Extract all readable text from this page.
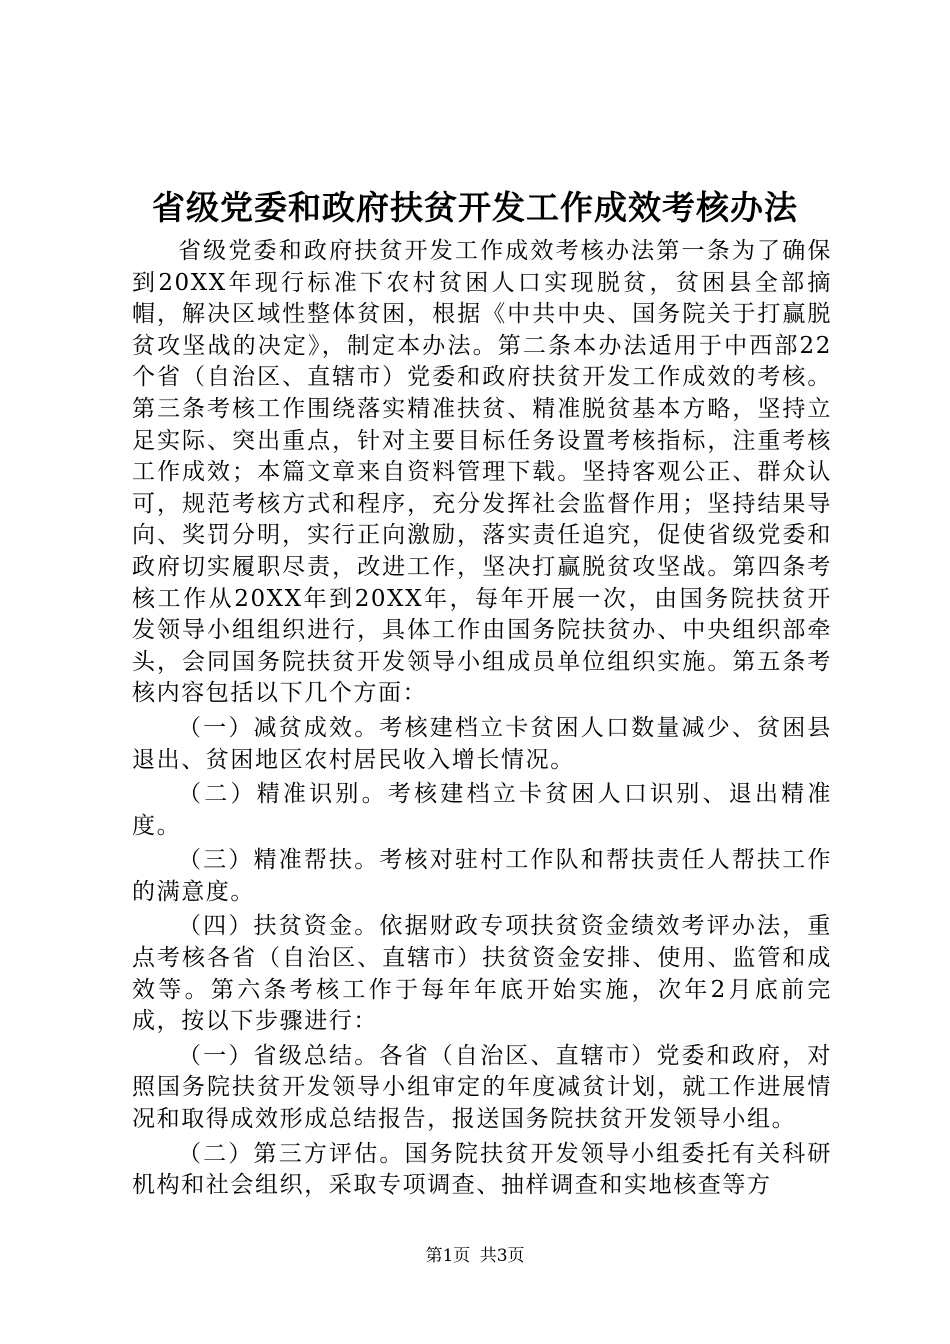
省级党委和政府扶贫开发工作成效考核办法

省级党委和政府扶贫开发工作成效考核办法第一条为了确保到20XX年现行标准下农村贫困人口实现脱贫，贫困县全部摘帽，解决区域性整体贫困，根据《中共中央、国务院关于打赢脱贫攻坚战的决定》，制定本办法。第二条本办法适用于中西部22个省（自治区、直辖市）党委和政府扶贫开发工作成效的考核。第三条考核工作围绕落实精准扶贫、精准脱贫基本方略，坚持立足实际、突出重点，针对主要目标任务设置考核指标，注重考核工作成效；本篇文章来自资料管理下载。坚持客观公正、群众认可，规范考核方式和程序，充分发挥社会监督作用；坚持结果导向、奖罚分明，实行正向激励，落实责任追究，促使省级党委和政府切实履职尽责，改进工作，坚决打赢脱贫攻坚战。第四条考核工作从20XX年到20XX年，每年开展一次，由国务院扶贫开发领导小组组织进行，具体工作由国务院扶贫办、中央组织部牵头，会同国务院扶贫开发领导小组成员单位组织实施。第五条考核内容包括以下几个方面：

（一）减贫成效。考核建档立卡贫困人口数量减少、贫困县退出、贫困地区农村居民收入增长情况。

（二）精准识别。考核建档立卡贫困人口识别、退出精准度。

（三）精准帮扶。考核对驻村工作队和帮扶责任人帮扶工作的满意度。

（四）扶贫资金。依据财政专项扶贫资金绩效考评办法，重点考核各省（自治区、直辖市）扶贫资金安排、使用、监管和成效等。第六条考核工作于每年年底开始实施，次年2月底前完成，按以下步骤进行：

（一）省级总结。各省（自治区、直辖市）党委和政府，对照国务院扶贫开发领导小组审定的年度减贫计划，就工作进展情况和取得成效形成总结报告，报送国务院扶贫开发领导小组。

（二）第三方评估。国务院扶贫开发领导小组委托有关科研机构和社会组织，采取专项调查、抽样调查和实地核查等方

第1页 共3页
